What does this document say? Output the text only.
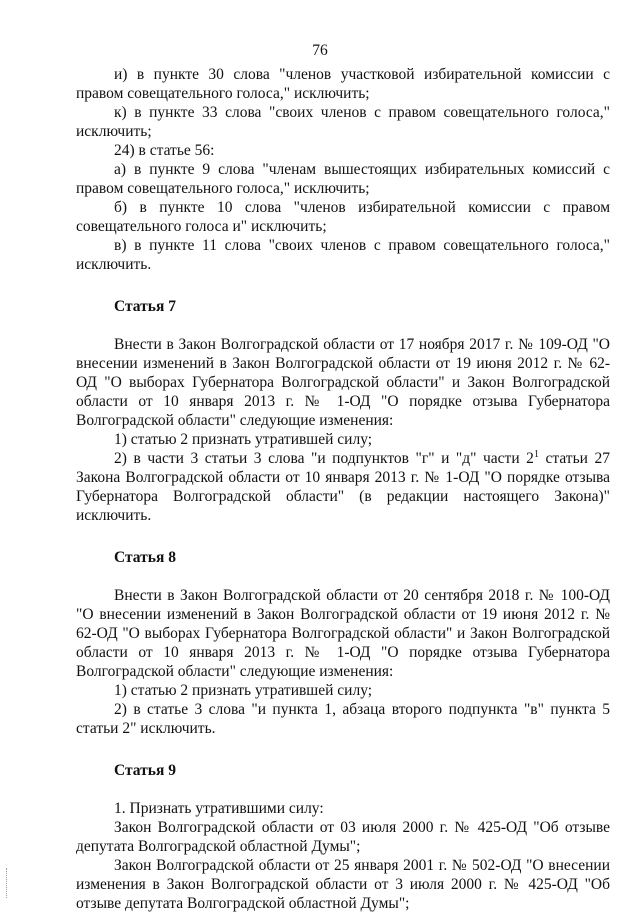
76

и) в пункте 30 слова "членов участковой избирательной комиссии с правом совещательного голоса," исключить;

к) в пункте 33 слова "своих членов с правом совещательного голоса," исключить;

24) в статье 56:

а) в пункте 9 слова "членам вышестоящих избирательных комиссий с правом совещательного голоса," исключить;

б) в пункте 10 слова "членов избирательной комиссии с правом совещательного голоса и" исключить;

в) в пункте 11 слова "своих членов с правом совещательного голоса," исключить.

Статья 7

Внести в Закон Волгоградской области от 17 ноября 2017 г. № 109-ОД "О внесении изменений в Закон Волгоградской области от 19 июня 2012 г. № 62-ОД "О выборах Губернатора Волгоградской области" и Закон Волгоградской области от 10 января 2013 г. № 1-ОД "О порядке отзыва Губернатора Волгоградской области" следующие изменения:

1) статью 2 признать утратившей силу;

2) в части 3 статьи 3 слова "и подпунктов "г" и "д" части $2^1$ статьи 27 Закона Волгоградской области от 10 января 2013 г. № 1-ОД "О порядке отзыва Губернатора Волгоградской области" (в редакции настоящего Закона)" исключить.

Статья 8

Внести в Закон Волгоградской области от 20 сентября 2018 г. № 100-ОД "О внесении изменений в Закон Волгоградской области от 19 июня 2012 г. № 62-ОД "О выборах Губернатора Волгоградской области" и Закон Волгоградской области от 10 января 2013 г. № 1-ОД "О порядке отзыва Губернатора Волгоградской области" следующие изменения:

1) статью 2 признать утратившей силу;

2) в статье 3 слова "и пункта 1, абзаца второго подпункта "в" пункта 5 статьи 2" исключить.

Статья 9

1. Признать утратившими силу:

Закон Волгоградской области от 03 июля 2000 г. № 425-ОД "Об отзыве депутата Волгоградской областной Думы";

Закон Волгоградской области от 25 января 2001 г. № 502-ОД "О внесении изменения в Закон Волгоградской области от 3 июля 2000 г. № 425-ОД "Об отзыве депутата Волгоградской областной Думы";
